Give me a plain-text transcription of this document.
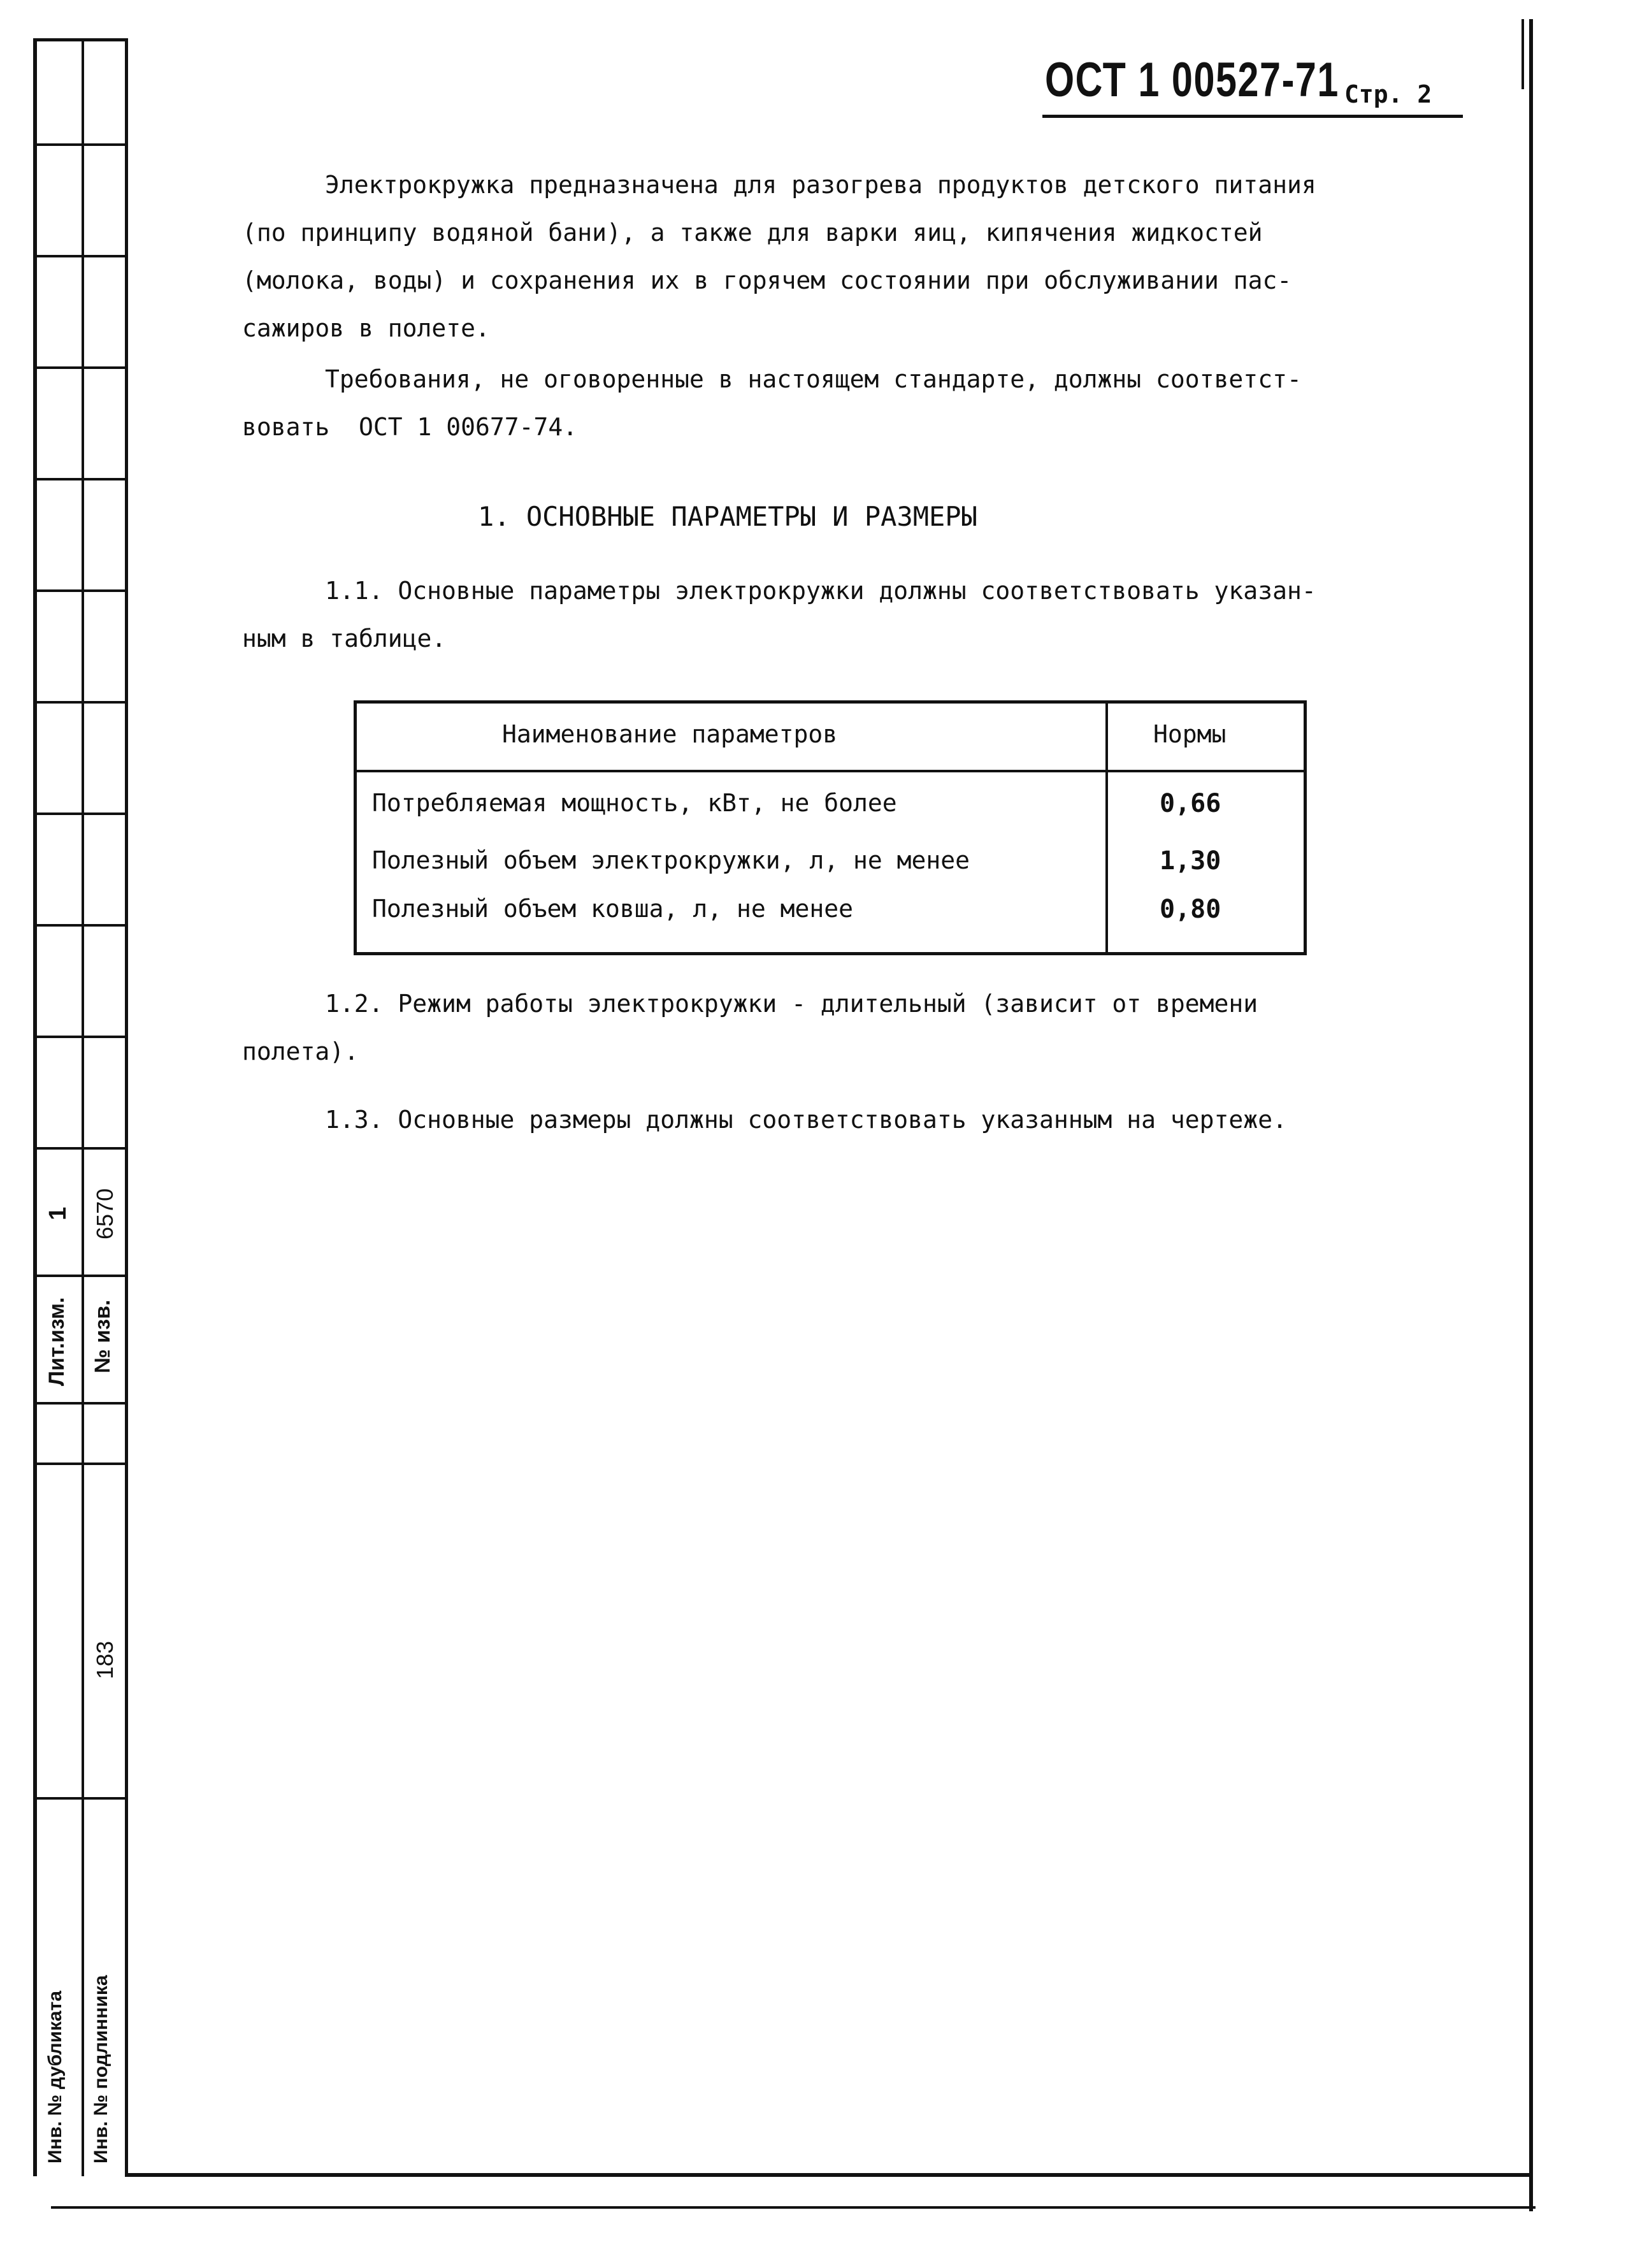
Лит.изм.
1
№ изв.
6570
183
Инв. № дубликата Инв. № подлинника
ОСТ 1 00527-71 Стр. 2
Электрокружка предназначена для разогрева продуктов детского питания
(по принципу водяной бани), а также для варки яиц, кипячения жидкостей
(молока, воды) и сохранения их в горячем состоянии при обслуживании пас-
сажиров в полете.
Требования, не оговоренные в настоящем стандарте, должны соответст-
вовать  ОСТ 1 00677-74.
1. ОСНОВНЫЕ ПАРАМЕТРЫ И РАЗМЕРЫ
1.1. Основные параметры электрокружки должны соответствовать указан-
ным в таблице.
Наименование параметров	Нормы
Потребляемая мощность, кВт, не более	0,66
Полезный объем электрокружки, л, не менее	1,30
Полезный объем ковша, л, не менее	0,80
1.2. Режим работы электрокружки - длительный (зависит от времени
полета).
1.3. Основные размеры должны соответствовать указанным на чертеже.
